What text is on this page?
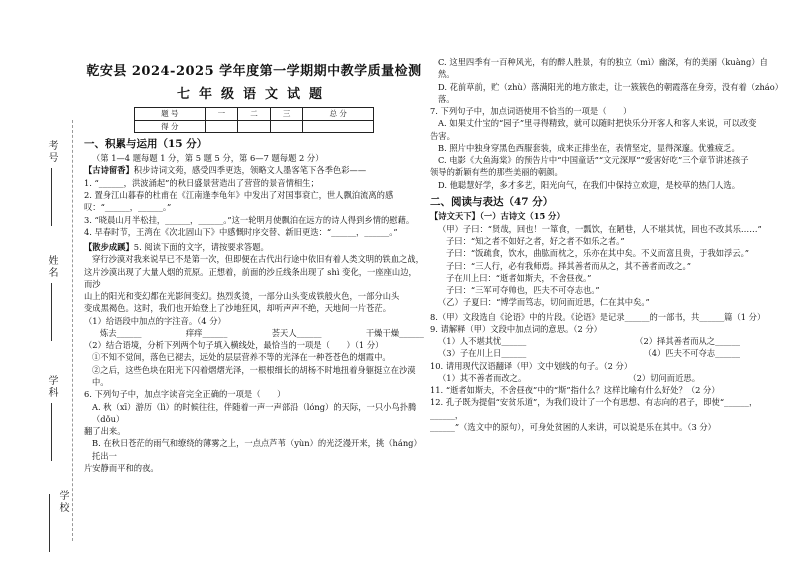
考号
姓名
学科
学校
乾安县 2024-2025 学年度第一学期期中教学质量检测
七年级语文试题
题 号	一	二	三	总 分
得 分				
一、积累与运用（15 分）
（第 1—4 题每题 1 分，第 5 题 5 分，第 6—7 题每题 2 分）
【古诗留香】积步诗词文苑，感受四季更迭，领略文人墨客笔下各季色彩——
1. “______，洪波涌起”的秋日盛景营造出了营营的景音情相生；
2. 置身江山暮春的杜甫在《江南逢李龟年》中发出了对国事衰亡，世人飘泊流离的感
叹：“______，______。”
3. “晓晨山月半松挂，______，______。”这一轮明月使飘泊在远方的诗人得到乡情的慰藉。
4. 早春时节，王湾在《次北固山下》中感慨时序交替、新旧更迭：“______，______。”
【散步成蹊】5. 阅读下面的文字，请按要求答题。
穿行沙漠对我来说早已不是第一次，但即便在古代出行途中依旧有着人类文明的铁血之战，
这片沙漠出现了大量人烟的荒原。正想着，前面的沙丘线条出现了 shì 变化，一座座山边，而沙
山上的阳光和变幻都在光影间变幻。热烈炙烫，一部分山头变成铁般火色，一部分山头
变成黑褐色。这时，我们也开始登上了沙地狂风，却听声声不绝，天地间一片苍茫。
（1）给语段中加点的字注音。（4 分）
炼去______	痒痒______	荟天人______	干燥干燥______
（2）结合语境，分析下列两个句子填入横线处，最恰当的一项是（　　）（1 分）
①不知不觉间，落色已褪去，远处的层层营养不等的光泽在一种苍苍色的烟霞中。
②之后，这些色块在阳光下闪着熠熠光泽，一根根细长的胡杨不时地扭着身躯挺立在沙漠中。
6. 下列句子中，加点字读音完全正确的一项是（　　）
A. 秋（xī）游历（lì）的时候往往，伴随着一声一声部沿（lóng）的天际，一只小鸟扑腾（dǒu）
翻了出来。
B. 在秋日苍茫的雨气和缭绕的薄雾之上，一点点芦苇（yùn）的光泛漫开来，挑（háng）托出一
片安静而平和的夜。
C. 这里四季有一百种风光，有的醉人胜景，有的独立（mì）幽深，有的美丽（kuàng）自然。
D. 花前草前，贮（zhù）落满阳光的地方旅走，让一簇簇色的朝霞落在身旁，没有着（zháo）落。
7. 下列句子中，加点词语使用不恰当的一项是（　　）
A. 如果丈什宝的“园子”里寻得精致，就可以随时把快乐分开客人和客人来说，可以改变
告害。
B. 照片中独身穿黑色西服套装，成来正排坐在，表情坚定，显得深邃。优雅疲乏。
C. 电影《大鱼海棠》的预告片中“中国童话”“文元深厚”“爱害好吃”三个章节讲述孩子
领导的新颖有些的那些美丽的朝颜。
D. 他聪慧好学，多才多艺，阳光向气，在我们中保持立欢迎，是校草的热门人选。
二、阅读与表达（47 分）
【诗文天下】（一）古诗文（15 分）
（甲）子曰：“贤哉，回也！一箪食，一瓢饮，在陋巷，人不堪其忧，回也不改其乐……”
子曰：“知之者不如好之者，好之者不如乐之者。”
子曰：“饭疏食，饮水，曲肱而枕之，乐亦在其中矣。不义而富且贵，于我如浮云。”
子曰：“三人行，必有我师焉。择其善者而从之，其不善者而改之。”
子在川上曰：“逝者如斯夫，不舍昼夜。”
子曰：“三军可夺帅也，匹夫不可夺志也。”
（乙）子夏曰：“博学而笃志，切问而近思，仁在其中矣。”
8.（甲）文段选自《论语》中的片段。《论语》是记录______的一部书，共______篇（1 分）
9. 请解释（甲）文段中加点词的意思。（2 分）
（1）人不堪其忧______	（2）择其善者而从之______
（3）子在川上日______	（4）匹夫不可夺志______
10. 请用现代汉语翻译（甲）文中划线的句子。（2 分）
（1）其不善者而改之。	（2）切问而近思。
11. “逝者如斯夫，不舍昼夜”中的“斯”指什么？这样比喻有什么好处？（2 分）
12. 孔子既为提倡“安贫乐道”，为我们设计了一个有思想、有志向的君子，即使“______，______，
______”（选文中的原句），可身处贫困的人来讲，可以说是乐在其中。（3 分）
